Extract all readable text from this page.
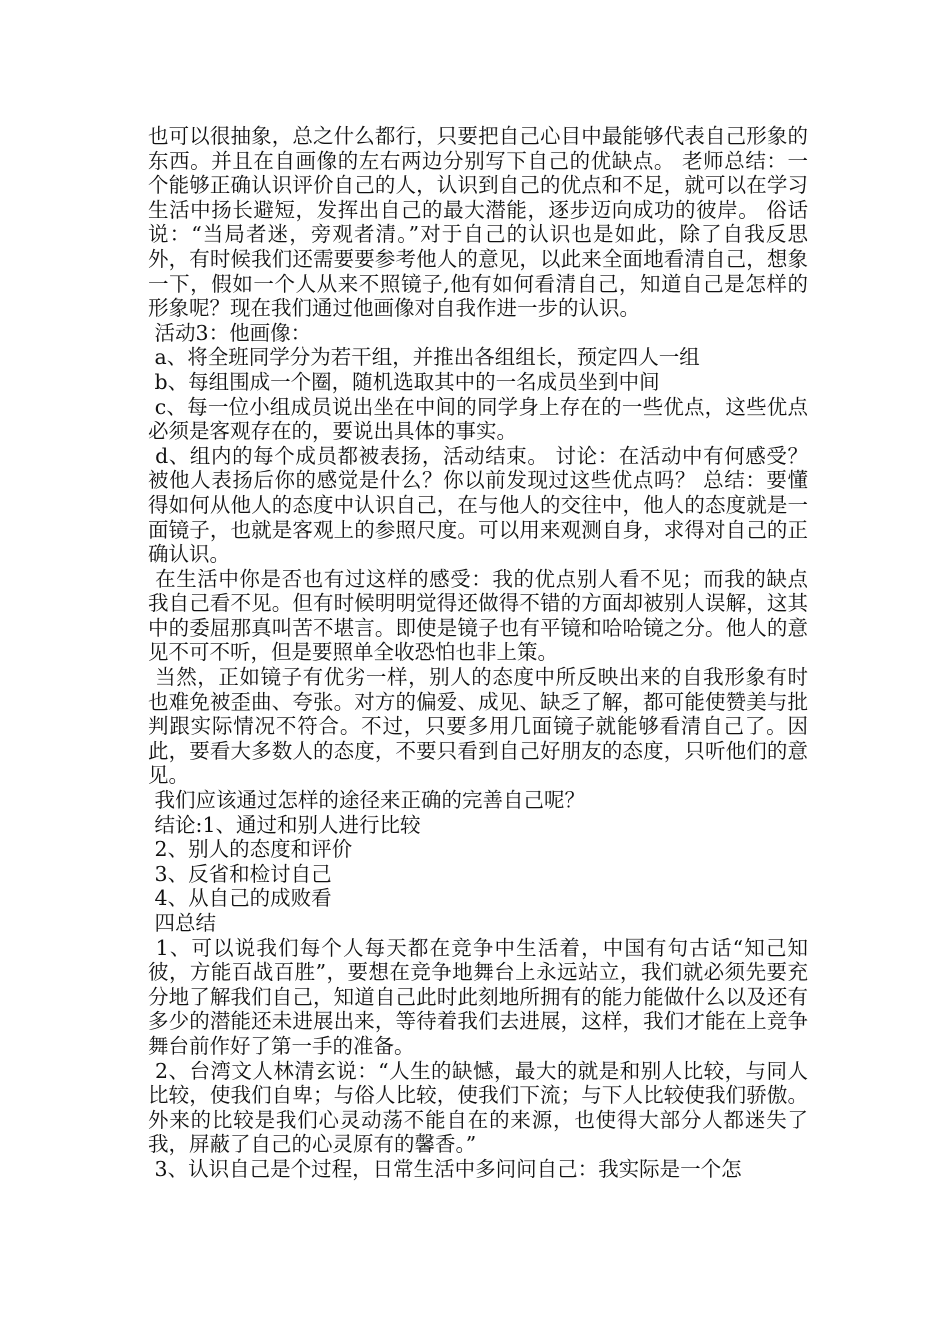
也可以很抽象，总之什么都行，只要把自己心目中最能够代表自己形象的东西。并且在自画像的左右两边分别写下自己的优缺点。 老师总结：一个能够正确认识评价自己的人，认识到自己的优点和不足，就可以在学习生活中扬长避短，发挥出自己的最大潜能，逐步迈向成功的彼岸。 俗话说：“当局者迷，旁观者清。”对于自己的认识也是如此，除了自我反思外，有时候我们还需要要参考他人的意见，以此来全面地看清自己，想象一下，假如一个人从来不照镜子,他有如何看清自己，知道自己是怎样的形象呢？现在我们通过他画像对自我作进一步的认识。

活动3：他画像：

a、将全班同学分为若干组，并推出各组组长，预定四人一组

b、每组围成一个圈，随机选取其中的一名成员坐到中间

c、每一位小组成员说出坐在中间的同学身上存在的一些优点，这些优点必须是客观存在的，要说出具体的事实。

d、组内的每个成员都被表扬，活动结束。 讨论：在活动中有何感受？被他人表扬后你的感觉是什么？你以前发现过这些优点吗？ 总结：要懂得如何从他人的态度中认识自己，在与他人的交往中，他人的态度就是一面镜子，也就是客观上的参照尺度。可以用来观测自身，求得对自己的正确认识。

在生活中你是否也有过这样的感受：我的优点别人看不见；而我的缺点我自己看不见。但有时候明明觉得还做得不错的方面却被别人误解，这其中的委屈那真叫苦不堪言。即使是镜子也有平镜和哈哈镜之分。他人的意见不可不听，但是要照单全收恐怕也非上策。

当然，正如镜子有优劣一样，别人的态度中所反映出来的自我形象有时也难免被歪曲、夸张。对方的偏爱、成见、缺乏了解，都可能使赞美与批判跟实际情况不符合。不过，只要多用几面镜子就能够看清自己了。因此，要看大多数人的态度，不要只看到自己好朋友的态度，只听他们的意见。

我们应该通过怎样的途径来正确的完善自己呢？

结论:1、通过和别人进行比较

2、别人的态度和评价

3、反省和检讨自己

4、从自己的成败看

四总结

1、可以说我们每个人每天都在竞争中生活着，中国有句古话“知己知彼，方能百战百胜”，要想在竞争地舞台上永远站立，我们就必须先要充分地了解我们自己，知道自己此时此刻地所拥有的能力能做什么以及还有多少的潜能还未进展出来，等待着我们去进展，这样，我们才能在上竞争舞台前作好了第一手的准备。

2、台湾文人林清玄说：“人生的缺憾，最大的就是和别人比较，与同人比较，使我们自卑；与俗人比较，使我们下流；与下人比较使我们骄傲。外来的比较是我们心灵动荡不能自在的来源，也使得大部分人都迷失了我，屏蔽了自己的心灵原有的馨香。”

3、认识自己是个过程，日常生活中多问问自己：我实际是一个怎
